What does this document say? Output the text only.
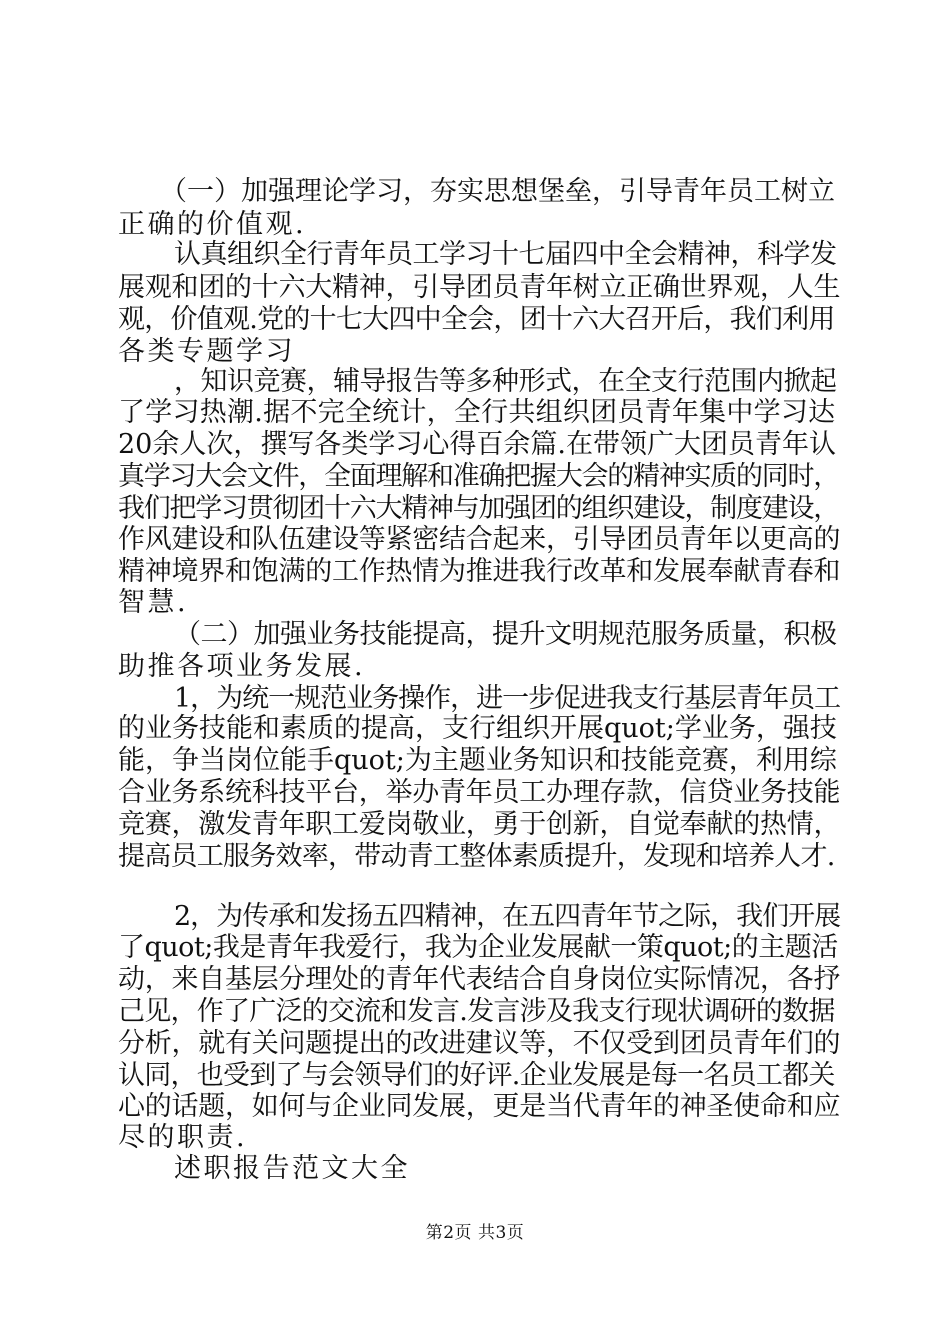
（一）加强理论学习，夯实思想堡垒，引导青年员工树立
正确的价值观.
认真组织全行青年员工学习十七届四中全会精神，科学发
展观和团的十六大精神，引导团员青年树立正确世界观，人生
观，价值观.党的十七大四中全会，团十六大召开后，我们利用
各类专题学习
，知识竞赛，辅导报告等多种形式，在全支行范围内掀起
了学习热潮.据不完全统计，全行共组织团员青年集中学习达
20余人次，撰写各类学习心得百余篇.在带领广大团员青年认
真学习大会文件，全面理解和准确把握大会的精神实质的同时，
我们把学习贯彻团十六大精神与加强团的组织建设，制度建设，
作风建设和队伍建设等紧密结合起来，引导团员青年以更高的
精神境界和饱满的工作热情为推进我行改革和发展奉献青春和
智慧.
（二）加强业务技能提高，提升文明规范服务质量，积极
助推各项业务发展.
1，为统一规范业务操作，进一步促进我支行基层青年员工
的业务技能和素质的提高，支行组织开展quot;学业务，强技
能，争当岗位能手quot;为主题业务知识和技能竞赛，利用综
合业务系统科技平台，举办青年员工办理存款，信贷业务技能
竞赛，激发青年职工爱岗敬业，勇于创新，自觉奉献的热情，
提高员工服务效率，带动青工整体素质提升，发现和培养人才.
2，为传承和发扬五四精神，在五四青年节之际，我们开展
了quot;我是青年我爱行，我为企业发展献一策quot;的主题活
动，来自基层分理处的青年代表结合自身岗位实际情况，各抒
己见，作了广泛的交流和发言.发言涉及我支行现状调研的数据
分析，就有关问题提出的改进建议等，不仅受到团员青年们的
认同，也受到了与会领导们的好评.企业发展是每一名员工都关
心的话题，如何与企业同发展，更是当代青年的神圣使命和应
尽的职责.
述职报告范文大全
第2页 共3页
